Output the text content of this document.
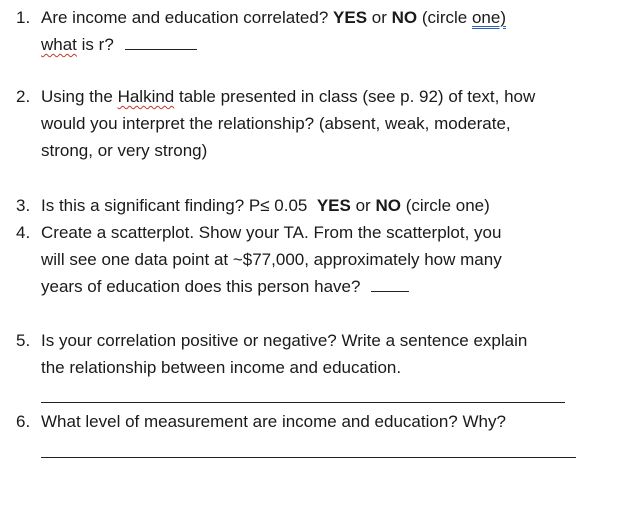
1. Are income and education correlated? YES or NO (circle one)
what is r?
2. Using the Halkind table presented in class (see p. 92) of text, how
would you interpret the relationship? (absent, weak, moderate,
strong, or very strong)
3. Is this a significant finding? P≤ 0.05 YES or NO (circle one)
4. Create a scatterplot. Show your TA. From the scatterplot, you
will see one data point at ~$77,000, approximately how many
years of education does this person have?
5. Is your correlation positive or negative? Write a sentence explain
the relationship between income and education.
6. What level of measurement are income and education? Why?
